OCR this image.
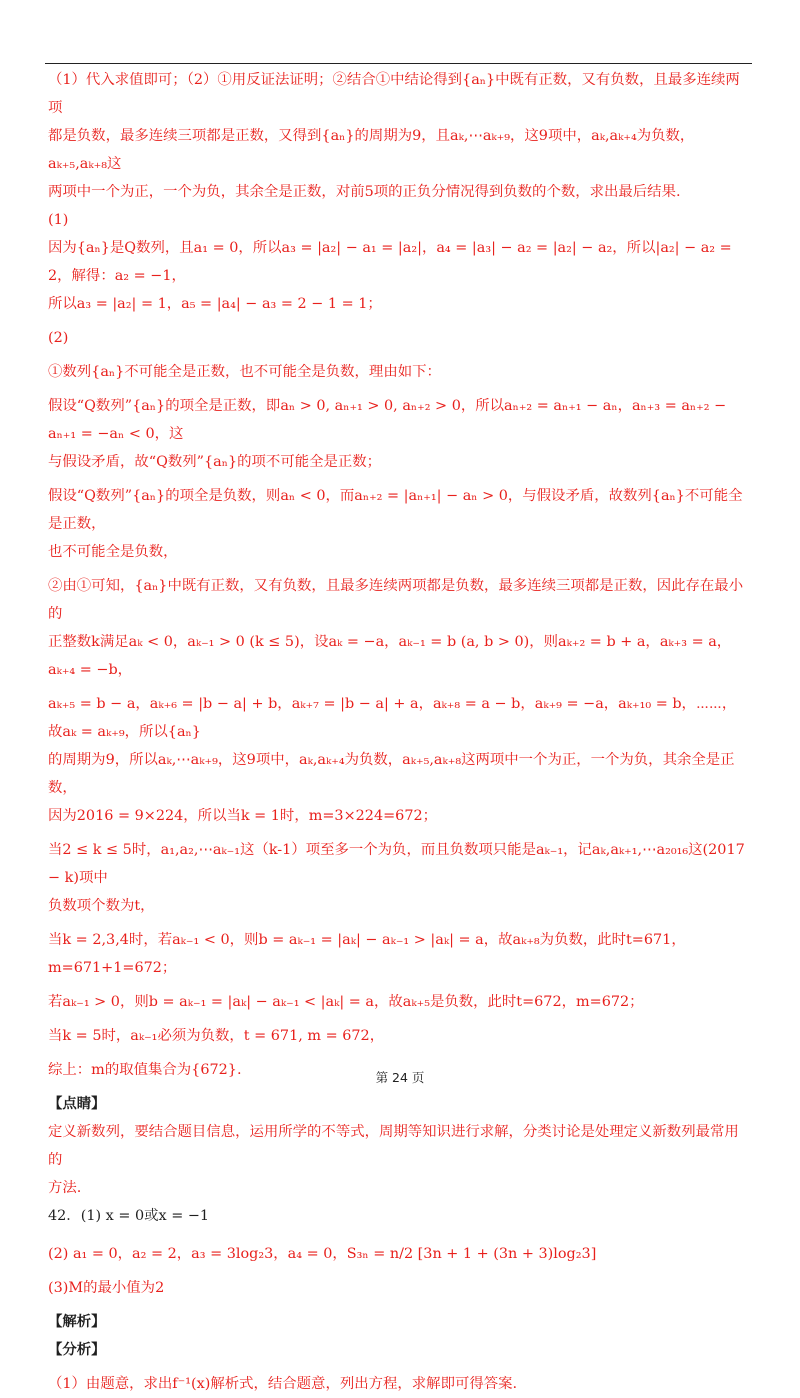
（1）代入求值即可；（2）①用反证法证明；②结合①中结论得到{aₙ}中既有正数，又有负数，且最多连续两项

都是负数，最多连续三项都是正数，又得到{aₙ}的周期为9，且aₖ,⋯aₖ₊₉，这9项中，aₖ,aₖ₊₄为负数，aₖ₊₅,aₖ₊₈这

两项中一个为正，一个为负，其余全是正数，对前5项的正负分情况得到负数的个数，求出最后结果.

(1)

因为{aₙ}是Q数列，且a₁ = 0，所以a₃ = |a₂| − a₁ = |a₂|，a₄ = |a₃| − a₂ = |a₂| − a₂，所以|a₂| − a₂ = 2，解得：a₂ = −1，

所以a₃ = |a₂| = 1，a₅ = |a₄| − a₃ = 2 − 1 = 1；

(2)

①数列{aₙ}不可能全是正数，也不可能全是负数，理由如下：

假设“Q数列”{aₙ}的项全是正数，即aₙ > 0, aₙ₊₁ > 0, aₙ₊₂ > 0，所以aₙ₊₂ = aₙ₊₁ − aₙ，aₙ₊₃ = aₙ₊₂ − aₙ₊₁ = −aₙ < 0，这

与假设矛盾，故“Q数列”{aₙ}的项不可能全是正数；

假设“Q数列”{aₙ}的项全是负数，则aₙ < 0，而aₙ₊₂ = |aₙ₊₁| − aₙ > 0，与假设矛盾，故数列{aₙ}不可能全是正数，

也不可能全是负数，

②由①可知，{aₙ}中既有正数，又有负数，且最多连续两项都是负数，最多连续三项都是正数，因此存在最小的

正整数k满足aₖ < 0，aₖ₋₁ > 0 (k ≤ 5)，设aₖ = −a，aₖ₋₁ = b (a, b > 0)，则aₖ₊₂ = b + a，aₖ₊₃ = a，aₖ₊₄ = −b，

aₖ₊₅ = b − a，aₖ₊₆ = |b − a| + b，aₖ₊₇ = |b − a| + a，aₖ₊₈ = a − b，aₖ₊₉ = −a，aₖ₊₁₀ = b，⋯⋯，故aₖ = aₖ₊₉，所以{aₙ}

的周期为9，所以aₖ,⋯aₖ₊₉，这9项中，aₖ,aₖ₊₄为负数，aₖ₊₅,aₖ₊₈这两项中一个为正，一个为负，其余全是正数，

因为2016 = 9×224，所以当k = 1时，m=3×224=672；

当2 ≤ k ≤ 5时，a₁,a₂,⋯aₖ₋₁这（k-1）项至多一个为负，而且负数项只能是aₖ₋₁，记aₖ,aₖ₊₁,⋯a₂₀₁₆这(2017 − k)项中

负数项个数为t，

当k = 2,3,4时，若aₖ₋₁ < 0，则b = aₖ₋₁ = |aₖ| − aₖ₋₁ > |aₖ| = a，故aₖ₊₈为负数，此时t=671，m=671+1=672；

若aₖ₋₁ > 0，则b = aₖ₋₁ = |aₖ| − aₖ₋₁ < |aₖ| = a，故aₖ₊₅是负数，此时t=672，m=672；

当k = 5时，aₖ₋₁必须为负数，t = 671, m = 672，

综上：m的取值集合为{672}.

【点睛】

定义新数列，要结合题目信息，运用所学的不等式，周期等知识进行求解，分类讨论是处理定义新数列最常用的

方法.

42．(1) x = 0或x = −1

(2) a₁ = 0，a₂ = 2，a₃ = 3log₂3，a₄ = 0，S₃ₙ = n/2 [3n + 1 + (3n + 3)log₂3]

(3)M的最小值为2

【解析】

【分析】

（1）由题意，求出f⁻¹(x)解析式，结合题意，列出方程，求解即可得答案.

第 24 页
